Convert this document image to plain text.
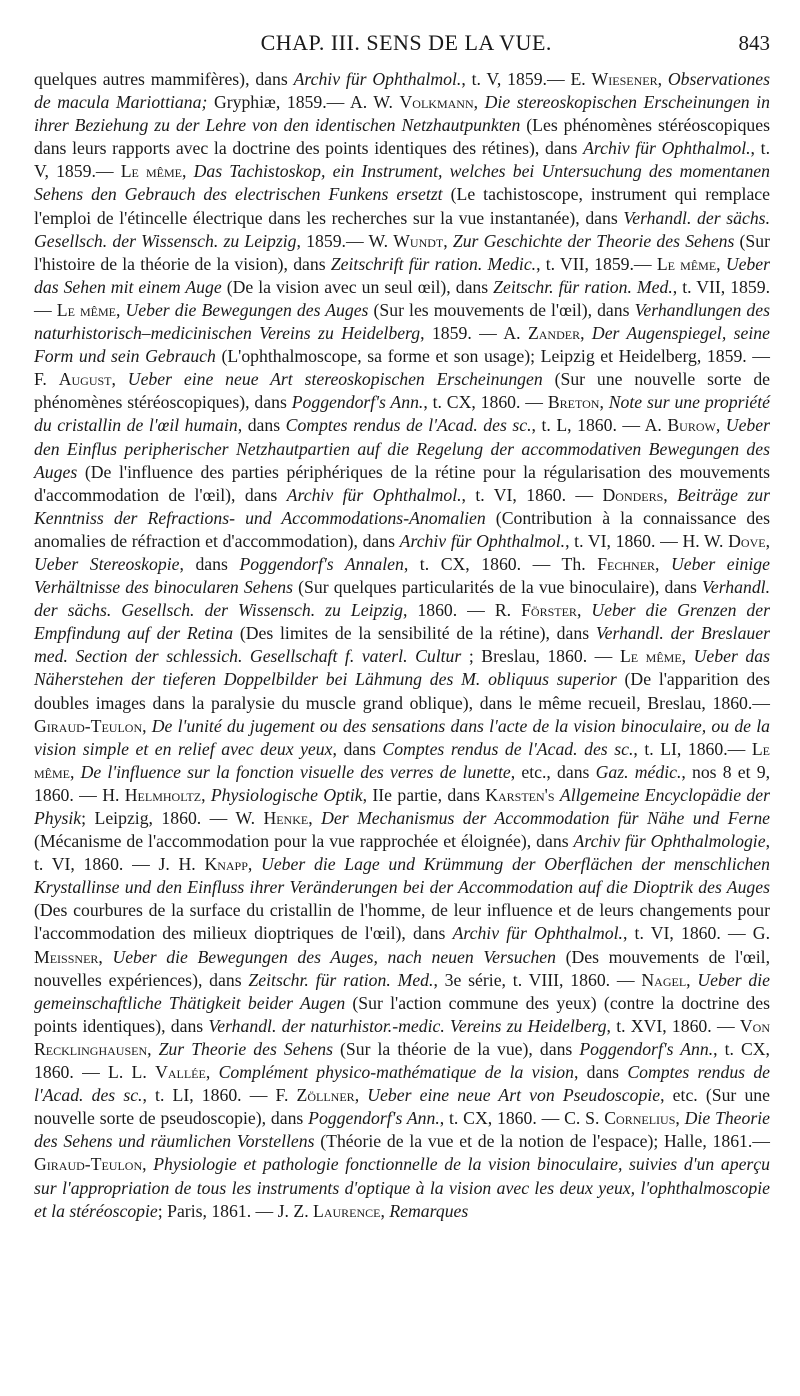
CHAP. III. SENS DE LA VUE.	843
quelques autres mammifères), dans Archiv für Ophthalmol., t. V, 1859.— E. Wiesener, Observationes de macula Mariottiana; Gryphiæ, 1859.— A. W. Volkmann, Die stereoskopischen Erscheinungen in ihrer Beziehung zu der Lehre von den identischen Netzhautpunkten (Les phénomènes stéréoscopiques dans leurs rapports avec la doctrine des points identiques des rétines), dans Archiv für Ophthalmol., t. V, 1859.— Le même, Das Tachistoskop, ein Instrument, welches bei Untersuchung des momentanen Sehens den Gebrauch des electrischen Funkens ersetzt (Le tachistoscope, instrument qui remplace l'emploi de l'étincelle électrique dans les recherches sur la vue instantanée), dans Verhandl. der sächs. Gesellsch. der Wissensch. zu Leipzig, 1859.— W. Wundt, Zur Geschichte der Theorie des Sehens (Sur l'histoire de la théorie de la vision), dans Zeitschrift für ration. Medic., t. VII, 1859.— Le même, Ueber das Sehen mit einem Auge (De la vision avec un seul œil), dans Zeitschr. für ration. Med., t. VII, 1859.— Le même, Ueber die Bewegungen des Auges (Sur les mouvements de l'œil), dans Verhandlungen des naturhistorisch–medicinischen Vereins zu Heidelberg, 1859. — A. Zander, Der Augenspiegel, seine Form und sein Gebrauch (L'ophthalmoscope, sa forme et son usage); Leipzig et Heidelberg, 1859. — F. August, Ueber eine neue Art stereoskopischen Erscheinungen (Sur une nouvelle sorte de phénomènes stéréoscopiques), dans Poggendorf's Ann., t. CX, 1860. — Breton, Note sur une propriété du cristallin de l'œil humain, dans Comptes rendus de l'Acad. des sc., t. L, 1860. — A. Burow, Ueber den Einflus peripherischer Netzhautpartien auf die Regelung der accommodativen Bewegungen des Auges (De l'influence des parties périphériques de la rétine pour la régularisation des mouvements d'accommodation de l'œil), dans Archiv für Ophthalmol., t. VI, 1860. — Donders, Beiträge zur Kenntniss der Refractions- und Accommodations-Anomalien (Contribution à la connaissance des anomalies de réfraction et d'accommodation), dans Archiv für Ophthalmol., t. VI, 1860. — H. W. Dove, Ueber Stereoskopie, dans Poggendorf's Annalen, t. CX, 1860. — Th. Fechner, Ueber einige Verhältnisse des binocularen Sehens (Sur quelques particularités de la vue binoculaire), dans Verhandl. der sächs. Gesellsch. der Wissensch. zu Leipzig, 1860. — R. Förster, Ueber die Grenzen der Empfindung auf der Retina (Des limites de la sensibilité de la rétine), dans Verhandl. der Breslauer med. Section der schlessich. Gesellschaft f. vaterl. Cultur ; Breslau, 1860. — Le même, Ueber das Näherstehen der tieferen Doppelbilder bei Lähmung des M. obliquus superior (De l'apparition des doubles images dans la paralysie du muscle grand oblique), dans le même recueil, Breslau, 1860.— Giraud-Teulon, De l'unité du jugement ou des sensations dans l'acte de la vision binoculaire, ou de la vision simple et en relief avec deux yeux, dans Comptes rendus de l'Acad. des sc., t. LI, 1860.— Le même, De l'influence sur la fonction visuelle des verres de lunette, etc., dans Gaz. médic., nos 8 et 9, 1860. — H. Helmholtz, Physiologische Optik, IIe partie, dans Karsten's Allgemeine Encyclopädie der Physik; Leipzig, 1860. — W. Henke, Der Mechanismus der Accommodation für Nähe und Ferne (Mécanisme de l'accommodation pour la vue rapprochée et éloignée), dans Archiv für Ophthalmologie, t. VI, 1860. — J. H. Knapp, Ueber die Lage und Krümmung der Oberflächen der menschlichen Krystallinse und den Einfluss ihrer Veränderungen bei der Accommodation auf die Dioptrik des Auges (Des courbures de la surface du cristallin de l'homme, de leur influence et de leurs changements pour l'accommodation des milieux dioptriques de l'œil), dans Archiv für Ophthalmol., t. VI, 1860. — G. Meissner, Ueber die Bewegungen des Auges, nach neuen Versuchen (Des mouvements de l'œil, nouvelles expériences), dans Zeitschr. für ration. Med., 3e série, t. VIII, 1860. — Nagel, Ueber die gemeinschaftliche Thätigkeit beider Augen (Sur l'action commune des yeux) (contre la doctrine des points identiques), dans Verhandl. der naturhistor.-medic. Vereins zu Heidelberg, t. XVI, 1860. — Von Recklinghausen, Zur Theorie des Sehens (Sur la théorie de la vue), dans Poggendorf's Ann., t. CX, 1860. — L. L. Vallée, Complément physico-mathématique de la vision, dans Comptes rendus de l'Acad. des sc., t. LI, 1860. — F. Zöllner, Ueber eine neue Art von Pseudoscopie, etc. (Sur une nouvelle sorte de pseudoscopie), dans Poggendorf's Ann., t. CX, 1860. — C. S. Cornelius, Die Theorie des Sehens und räumlichen Vorstellens (Théorie de la vue et de la notion de l'espace); Halle, 1861.— Giraud-Teulon, Physiologie et pathologie fonctionnelle de la vision binoculaire, suivies d'un aperçu sur l'appropriation de tous les instruments d'optique à la vision avec les deux yeux, l'ophthalmoscopie et la stéréoscopie; Paris, 1861. — J. Z. Laurence, Remarques
